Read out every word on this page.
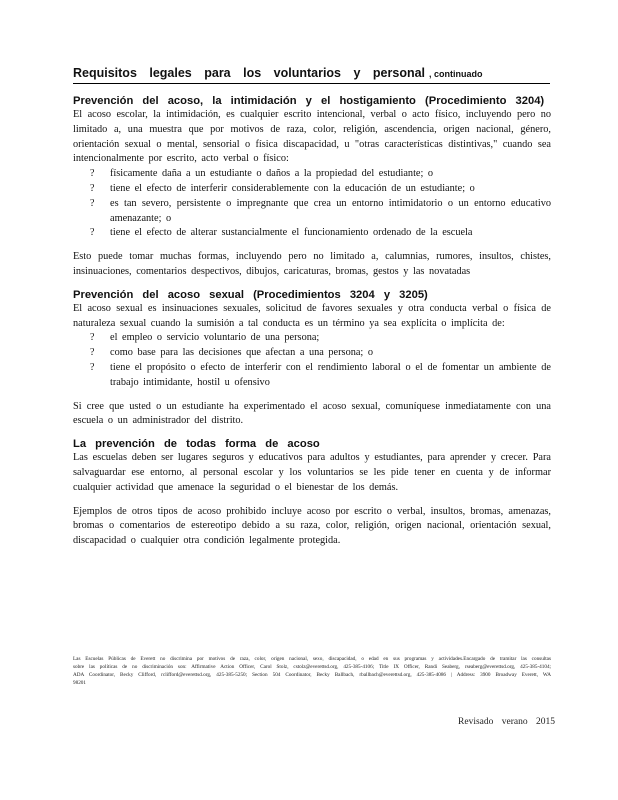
Requisitos legales para los voluntarios y personal , continuado

Prevención del acoso, la intimidación y el hostigamiento (Procedimiento 3204)

El acoso escolar, la intimidación, es cualquier escrito intencional, verbal o acto físico, incluyendo pero no limitado a, una muestra que por motivos de raza, color, religión, ascendencia, origen nacional, género, orientación sexual o mental, sensorial o física discapacidad, u "otras características distintivas," cuando sea intencionalmente por escrito, acto verbal o físico:

? físicamente daña a un estudiante o daños a la propiedad del estudiante; o
? tiene el efecto de interferir considerablemente con la educación de un estudiante; o
? es tan severo, persistente o impregnante que crea un entorno intimidatorio o un entorno educativo amenazante; o
? tiene el efecto de alterar sustancialmente el funcionamiento ordenado de la escuela

Esto puede tomar muchas formas, incluyendo pero no limitado a, calumnias, rumores, insultos, chistes, insinuaciones, comentarios despectivos, dibujos, caricaturas, bromas, gestos y las novatadas

Prevención del acoso sexual (Procedimientos 3204 y 3205)

El acoso sexual es insinuaciones sexuales, solicitud de favores sexuales y otra conducta verbal o física de naturaleza sexual cuando la sumisión a tal conducta es un término ya sea explícita o implícita de:

? el empleo o servicio voluntario de una persona;
? como base para las decisiones que afectan a una persona; o
? tiene el propósito o efecto de interferir con el rendimiento laboral o el de fomentar un ambiente de trabajo intimidante, hostil u ofensivo

Si cree que usted o un estudiante ha experimentado el acoso sexual, comuníquese inmediatamente con una escuela o un administrador del distrito.

La prevención de todas forma de acoso

Las escuelas deben ser lugares seguros y educativos para adultos y estudiantes, para aprender y crecer. Para salvaguardar ese entorno, al personal escolar y los voluntarios se les pide tener en cuenta y de informar cualquier actividad que amenace la seguridad o el bienestar de los demás.

Ejemplos de otros tipos de acoso prohibido incluye acoso por escrito o verbal, insultos, bromas, amenazas, bromas o comentarios de estereotipo debido a su raza, color, religión, origen nacional, orientación sexual, discapacidad o cualquier otra condición legalmente protegida.

Las Escuelas Públicas de Everett no discrimina por motivos de raza, color, origen nacional, sexo, discapacidad, o edad en sus programas y actividades.Encargado de tramitar las consultas sobre las políticas de no discriminación son: Affirmative Action Officer, Carol Stolz, cstolz@everettsd.org, 425-385-4106; Title IX Officer, Randi Seaberg, rseaberg@everettsd.org, 425-385-4104; ADA Coordinator, Becky Clifford, rclifford@everettsd.org, 425-385-5250; Section 504 Coordinator, Becky Ballbach, rballbach@everettsd.org, 425-385-4086 | Address: 3900 Broadway Everett, WA 98201
Revisado verano 2015
